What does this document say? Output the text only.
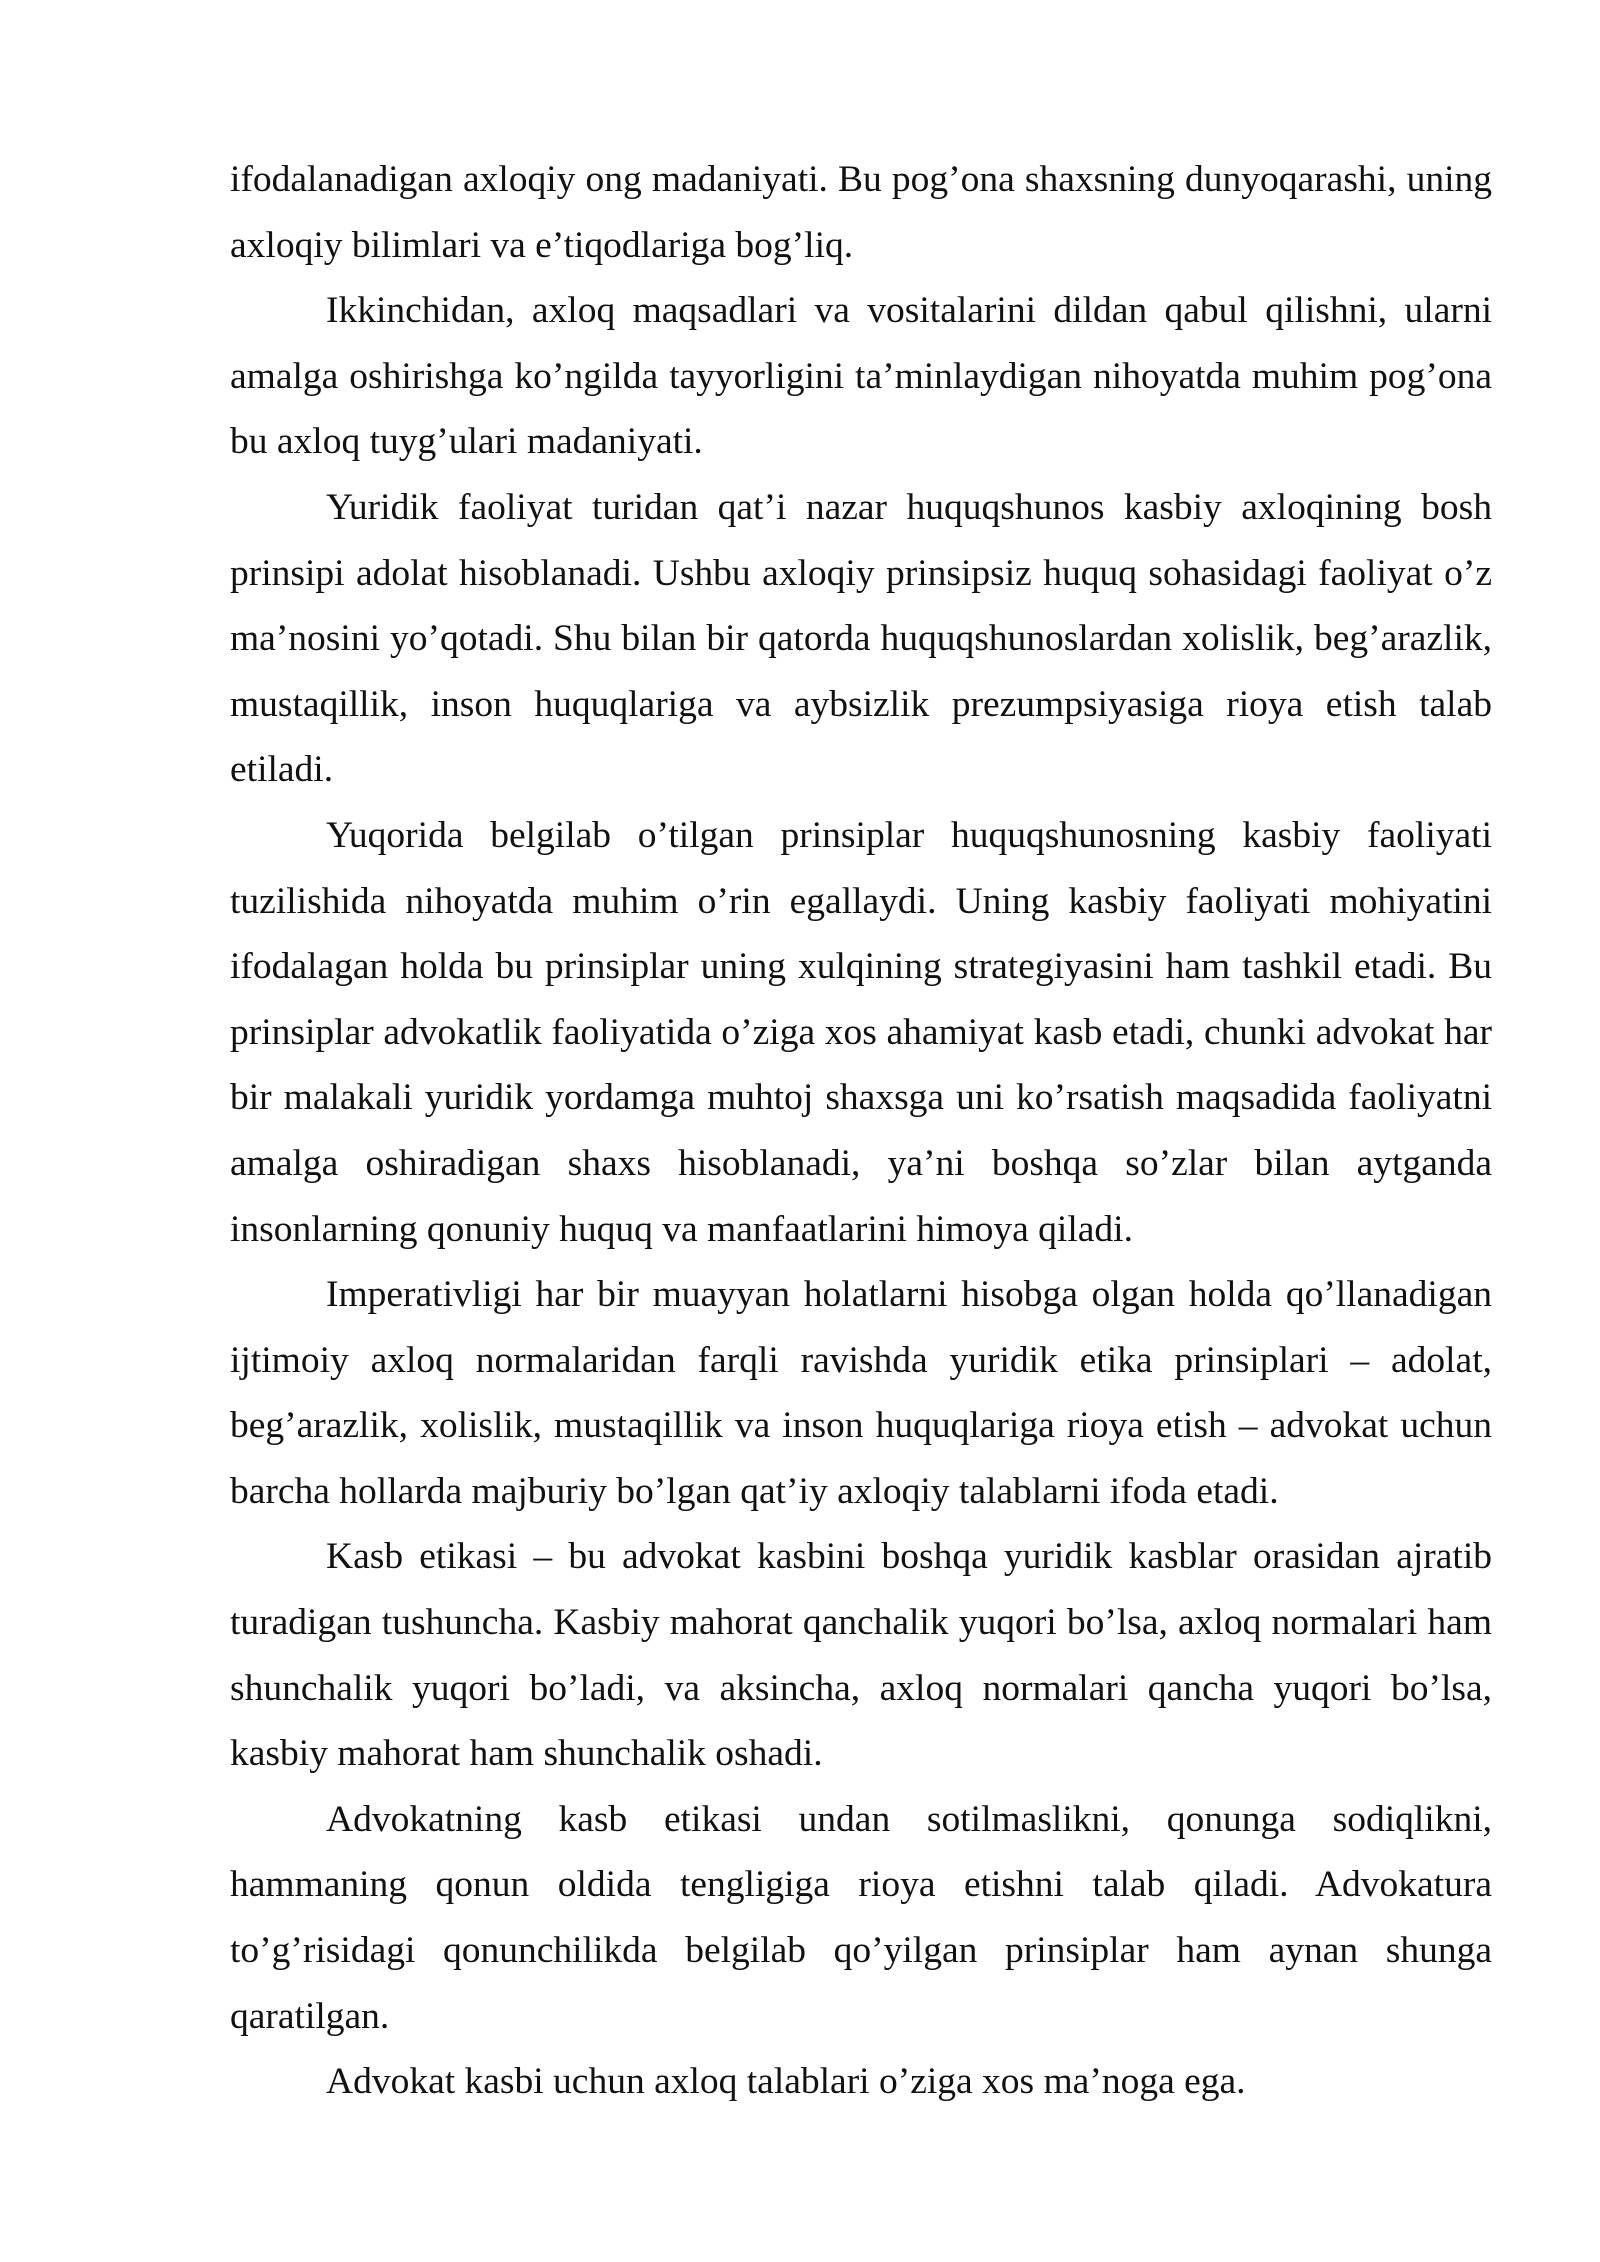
ifodalanadigan axloqiy ong madaniyati. Bu pog’ona shaxsning dunyoqarashi, uning axloqiy bilimlari va e’tiqodlariga bog’liq.

Ikkinchidan, axloq maqsadlari va vositalarini dildan qabul qilishni, ularni amalga oshirishga ko’ngilda tayyorligini ta’minlaydigan nihoyatda muhim pog’ona bu axloq tuyg’ulari madaniyati.

Yuridik faoliyat turidan qat’i nazar huquqshunos kasbiy axloqining bosh prinsipi adolat hisoblanadi. Ushbu axloqiy prinsipsiz huquq sohasidagi faoliyat o’z ma’nosini yo’qotadi. Shu bilan bir qatorda huquqshunoslardan xolislik, beg’arazlik, mustaqillik, inson huquqlariga va aybsizlik prezumpsiyasiga rioya etish talab etiladi.

Yuqorida belgilab o’tilgan prinsiplar huquqshunosning kasbiy faoliyati tuzilishida nihoyatda muhim o’rin egallaydi. Uning kasbiy faoliyati mohiyatini ifodalagan holda bu prinsiplar uning xulqining strategiyasini ham tashkil etadi. Bu prinsiplar advokatlik faoliyatida o’ziga xos ahamiyat kasb etadi, chunki advokat har bir malakali yuridik yordamga muhtoj shaxsga uni ko’rsatish maqsadida faoliyatni amalga oshiradigan shaxs hisoblanadi, ya’ni boshqa so’zlar bilan aytganda insonlarning qonuniy huquq va manfaatlarini himoya qiladi.

Imperativligi har bir muayyan holatlarni hisobga olgan holda qo’llanadigan ijtimoiy axloq normalaridan farqli ravishda yuridik etika prinsiplari – adolat, beg’arazlik, xolislik, mustaqillik va inson huquqlariga rioya etish – advokat uchun barcha hollarda majburiy bo’lgan qat’iy axloqiy talablarni ifoda etadi.

Kasb etikasi – bu advokat kasbini boshqa yuridik kasblar orasidan ajratib turadigan tushuncha. Kasbiy mahorat qanchalik yuqori bo’lsa, axloq normalari ham shunchalik yuqori bo’ladi, va aksincha, axloq normalari qancha yuqori bo’lsa, kasbiy mahorat ham shunchalik oshadi.

Advokatning kasb etikasi undan sotilmaslikni, qonunga sodiqlikni, hammaning qonun oldida tengligiga rioya etishni talab qiladi. Advokatura to’g’risidagi qonunchilikda belgilab qo’yilgan prinsiplar ham aynan shunga qaratilgan.

Advokat kasbi uchun axloq talablari o’ziga xos ma’noga ega.
